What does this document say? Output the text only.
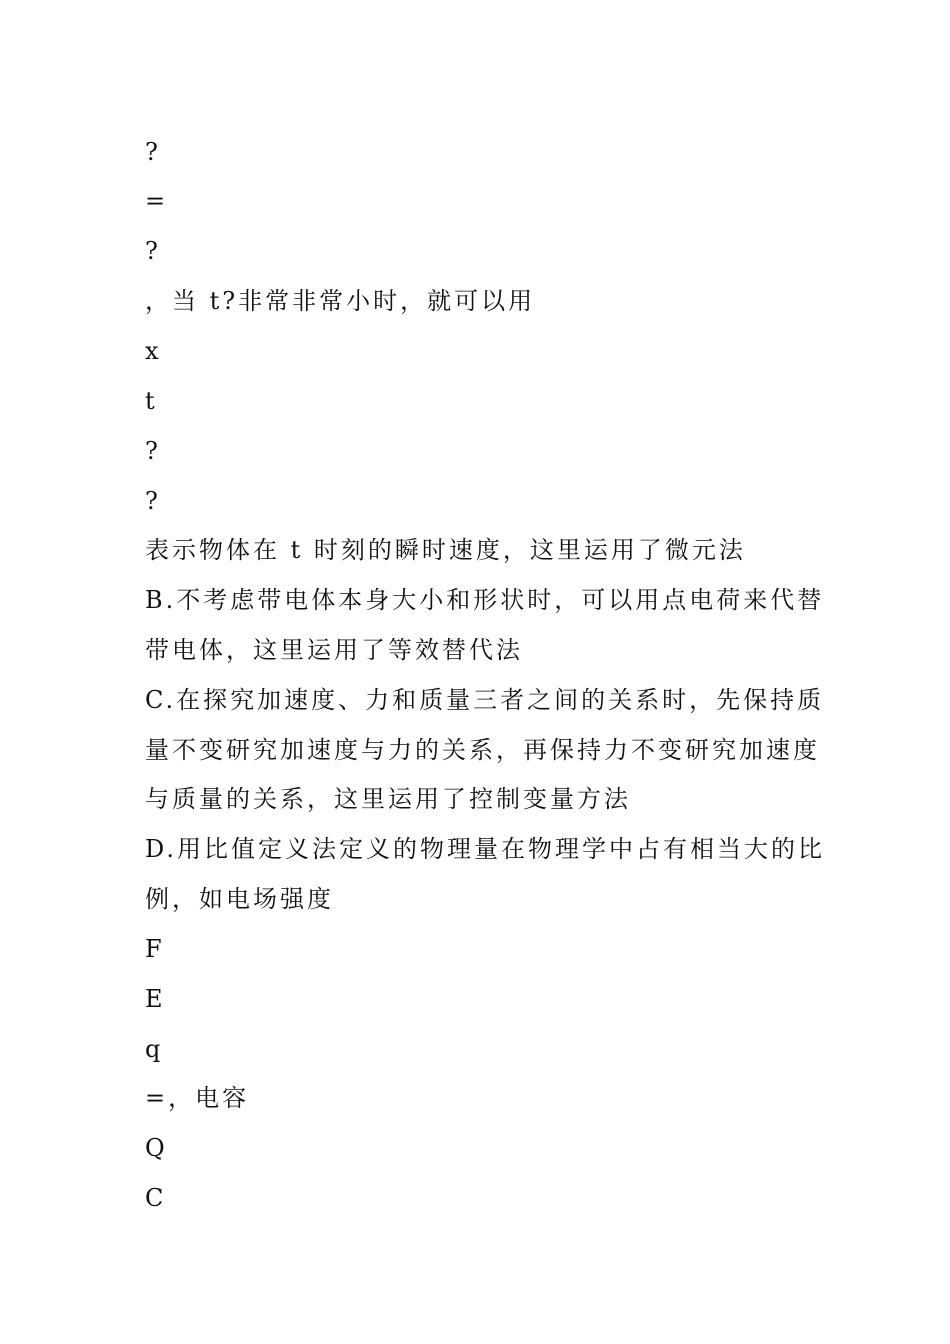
?

=

?

，当 t?非常非常小时，就可以用

x

t

?

?

表示物体在 t 时刻的瞬时速度，这里运用了微元法

B.不考虑带电体本身大小和形状时，可以用点电荷来代替

带电体，这里运用了等效替代法

C.在探究加速度、力和质量三者之间的关系时，先保持质

量不变研究加速度与力的关系，再保持力不变研究加速度

与质量的关系，这里运用了控制变量方法

D.用比值定义法定义的物理量在物理学中占有相当大的比

例，如电场强度

F

E

q

=，电容

Q

C
